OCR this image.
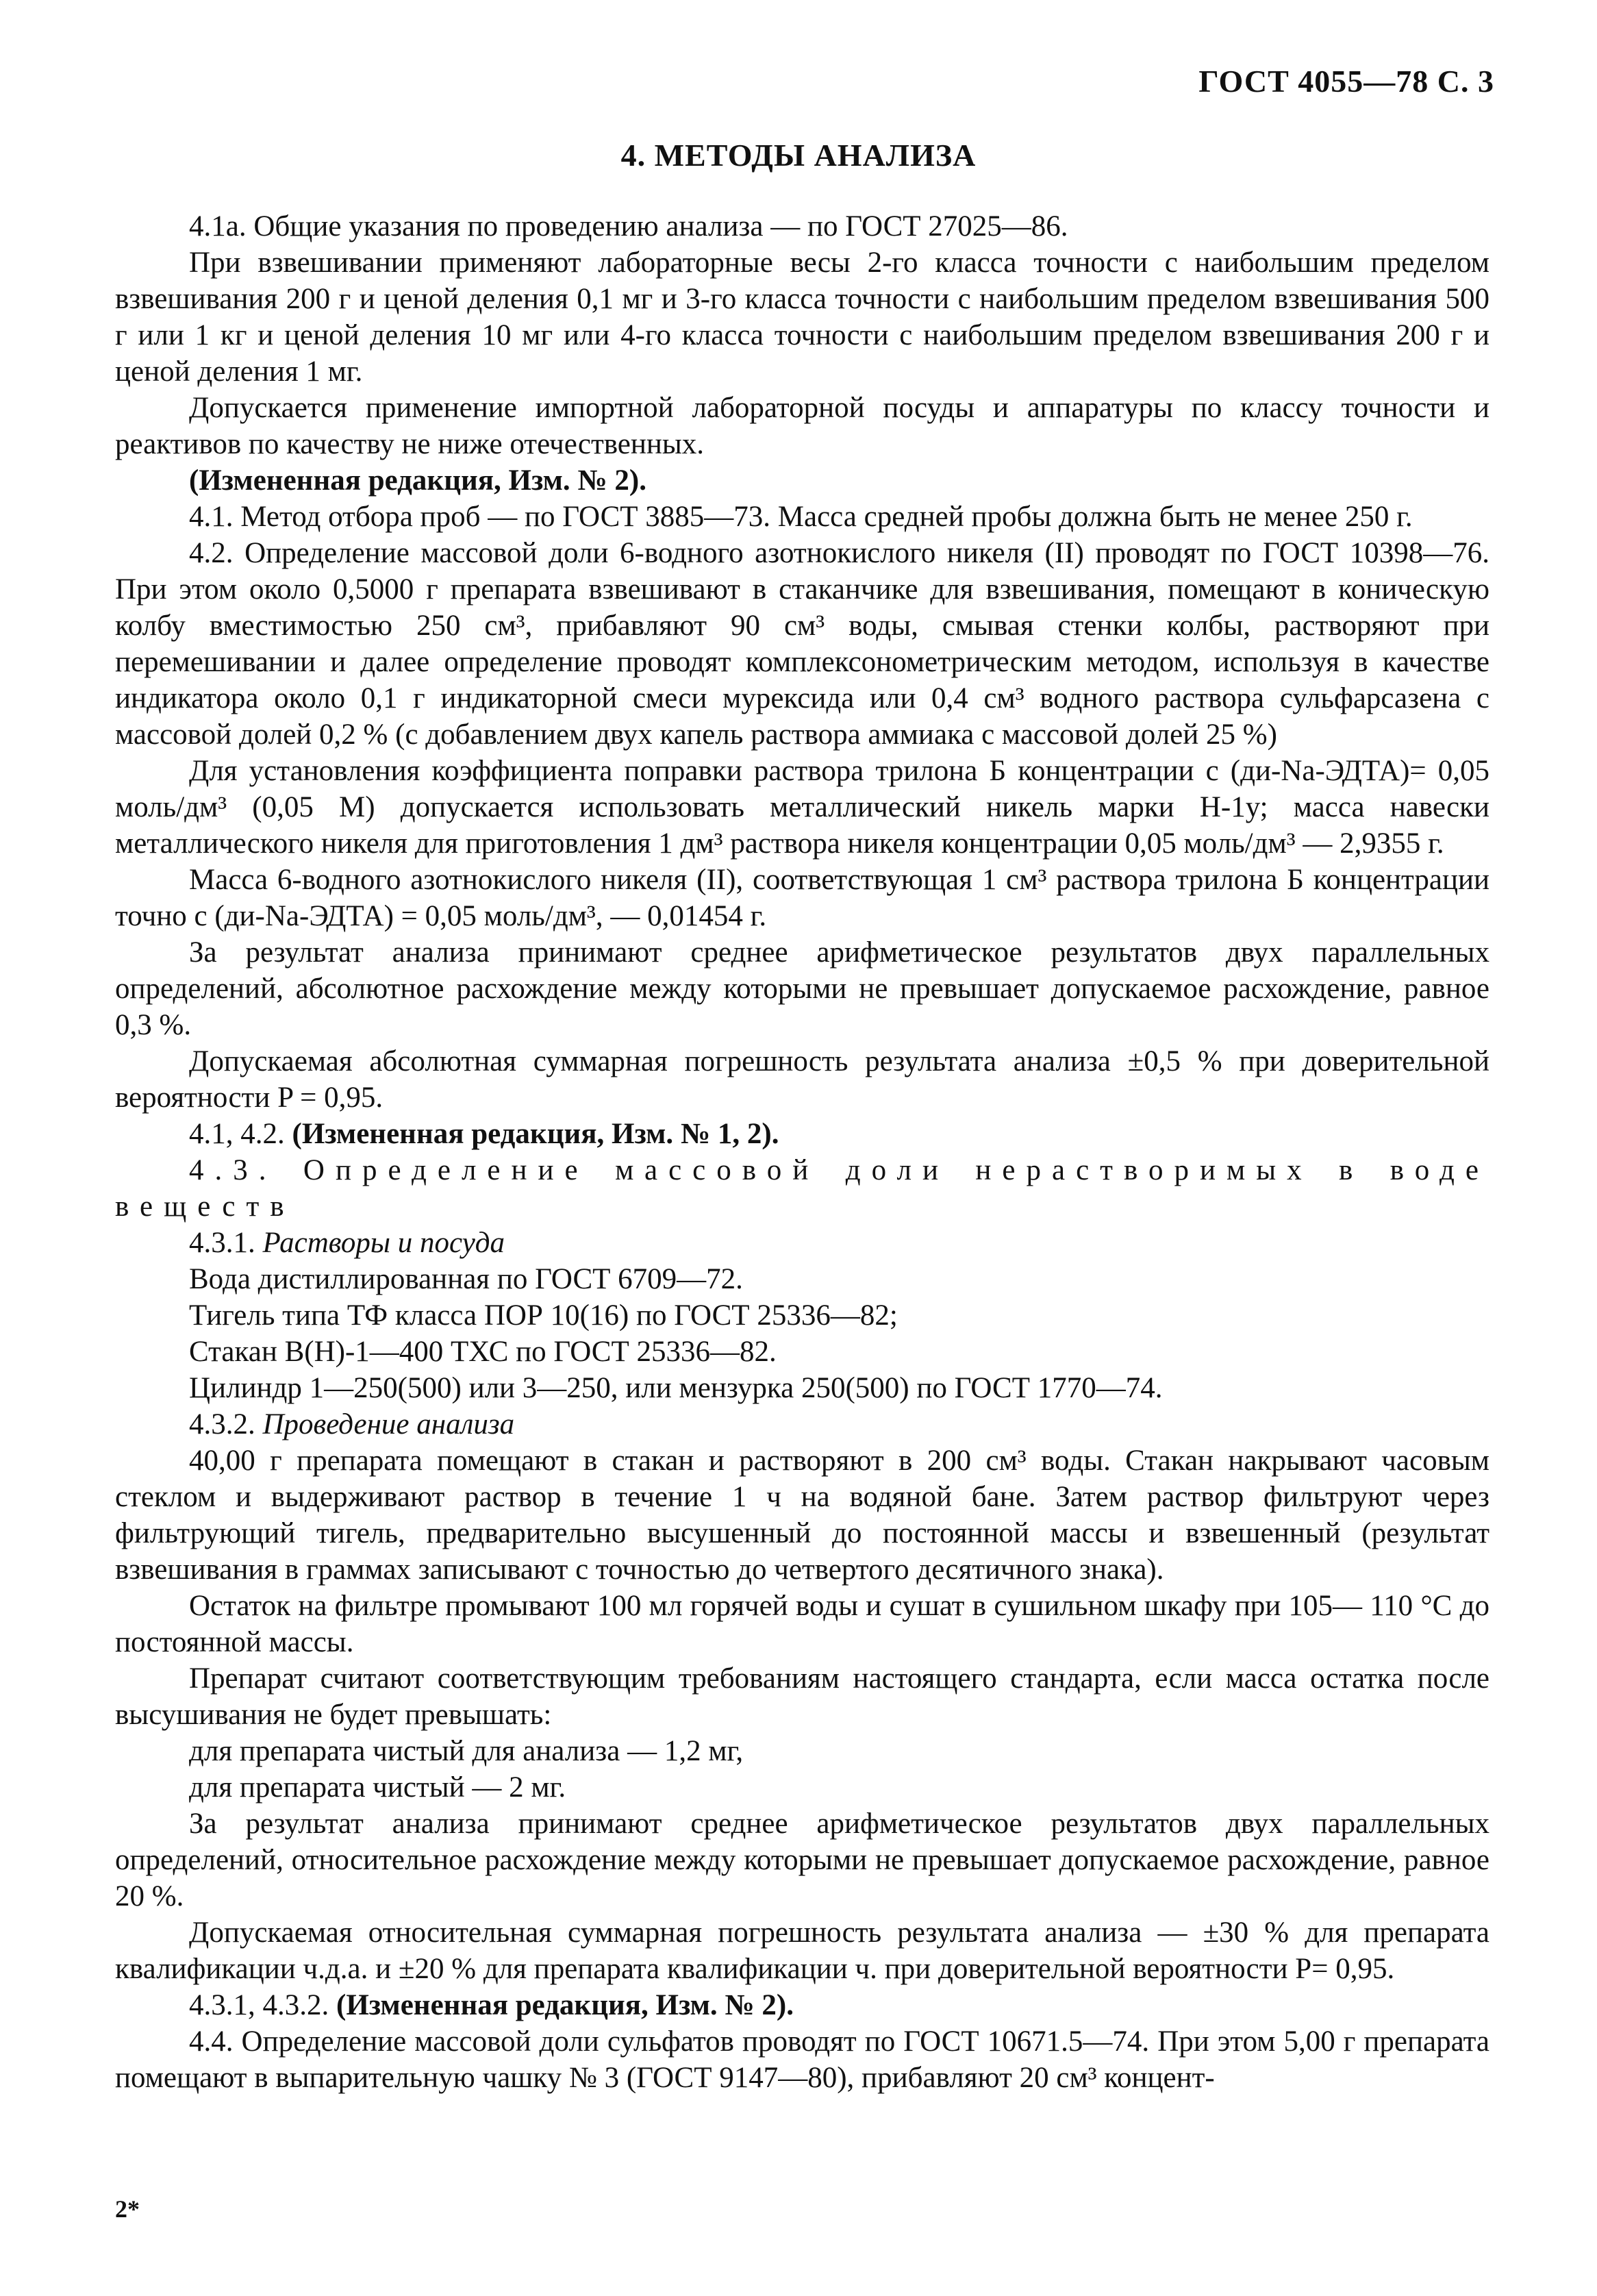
ГОСТ 4055—78 С. 3
4. МЕТОДЫ АНАЛИЗА

4.1а. Общие указания по проведению анализа — по ГОСТ 27025—86.

При взвешивании применяют лабораторные весы 2-го класса точности с наибольшим пределом взвешивания 200 г и ценой деления 0,1 мг и 3-го класса точности с наибольшим пределом взвешивания 500 г или 1 кг и ценой деления 10 мг или 4-го класса точности с наибольшим пределом взвешивания 200 г и ценой деления 1 мг.

Допускается применение импортной лабораторной посуды и аппаратуры по классу точности и реактивов по качеству не ниже отечественных.

(Измененная редакция, Изм. № 2).

4.1. Метод отбора проб — по ГОСТ 3885—73. Масса средней пробы должна быть не менее 250 г.

4.2. Определение массовой доли 6-водного азотнокислого никеля (II) проводят по ГОСТ 10398—76. При этом около 0,5000 г препарата взвешивают в стаканчике для взвешивания, помещают в коническую колбу вместимостью 250 см³, прибавляют 90 см³ воды, смывая стенки колбы, растворяют при перемешивании и далее определение проводят комплексонометрическим методом, используя в качестве индикатора около 0,1 г индикаторной смеси мурексида или 0,4 см³ водного раствора сульфарсазена с массовой долей 0,2 % (с добавлением двух капель раствора аммиака с массовой долей 25 %)

Для установления коэффициента поправки раствора трилона Б концентрации с (ди-Na-ЭДТА)= 0,05 моль/дм³ (0,05 М) допускается использовать металлический никель марки Н-1у; масса навески металлического никеля для приготовления 1 дм³ раствора никеля концентрации 0,05 моль/дм³ — 2,9355 г.

Масса 6-водного азотнокислого никеля (II), соответствующая 1 см³ раствора трилона Б концентрации точно с (ди-Na-ЭДТА) = 0,05 моль/дм³, — 0,01454 г.

За результат анализа принимают среднее арифметическое результатов двух параллельных определений, абсолютное расхождение между которыми не превышает допускаемое расхождение, равное 0,3 %.

Допускаемая абсолютная суммарная погрешность результата анализа ±0,5 % при доверительной вероятности P = 0,95.

4.1, 4.2. (Измененная редакция, Изм. № 1, 2).

4.3. Определение массовой доли нерастворимых в воде веществ

4.3.1. Растворы и посуда

Вода дистиллированная по ГОСТ 6709—72.

Тигель типа ТФ класса ПОР 10(16) по ГОСТ 25336—82;

Стакан В(Н)-1—400 ТХС по ГОСТ 25336—82.

Цилиндр 1—250(500) или 3—250, или мензурка 250(500) по ГОСТ 1770—74.

4.3.2. Проведение анализа

40,00 г препарата помещают в стакан и растворяют в 200 см³ воды. Стакан накрывают часовым стеклом и выдерживают раствор в течение 1 ч на водяной бане. Затем раствор фильтруют через фильтрующий тигель, предварительно высушенный до постоянной массы и взвешенный (результат взвешивания в граммах записывают с точностью до четвертого десятичного знака).

Остаток на фильтре промывают 100 мл горячей воды и сушат в сушильном шкафу при 105— 110 °С до постоянной массы.

Препарат считают соответствующим требованиям настоящего стандарта, если масса остатка после высушивания не будет превышать:

для препарата чистый для анализа — 1,2 мг,

для препарата чистый — 2 мг.

За результат анализа принимают среднее арифметическое результатов двух параллельных определений, относительное расхождение между которыми не превышает допускаемое расхождение, равное 20 %.

Допускаемая относительная суммарная погрешность результата анализа — ±30 % для препарата квалификации ч.д.а. и ±20 % для препарата квалификации ч. при доверительной вероятности P= 0,95.

4.3.1, 4.3.2. (Измененная редакция, Изм. № 2).

4.4. Определение массовой доли сульфатов проводят по ГОСТ 10671.5—74. При этом 5,00 г препарата помещают в выпарительную чашку № 3 (ГОСТ 9147—80), прибавляют 20 см³ концент-

2*
